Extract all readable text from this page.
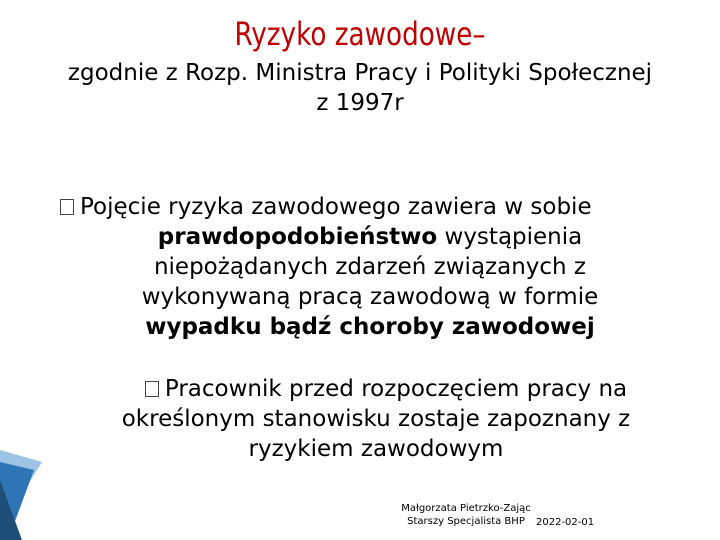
Ryzyko zawodowe–
zgodnie z Rozp. Ministra Pracy i Polityki Społecznej
z 1997r
Pojęcie ryzyka zawodowego zawiera w sobie
prawdopodobieństwo wystąpienia
niepożądanych zdarzeń związanych z
wykonywaną pracą zawodową w formie
wypadku bądź choroby zawodowej
Pracownik przed rozpoczęciem pracy na
określonym stanowisku zostaje zapoznany z
ryzykiem zawodowym
Małgorzata Pietrzko-Zając
Starszy Specjalista BHP	2022-02-01
